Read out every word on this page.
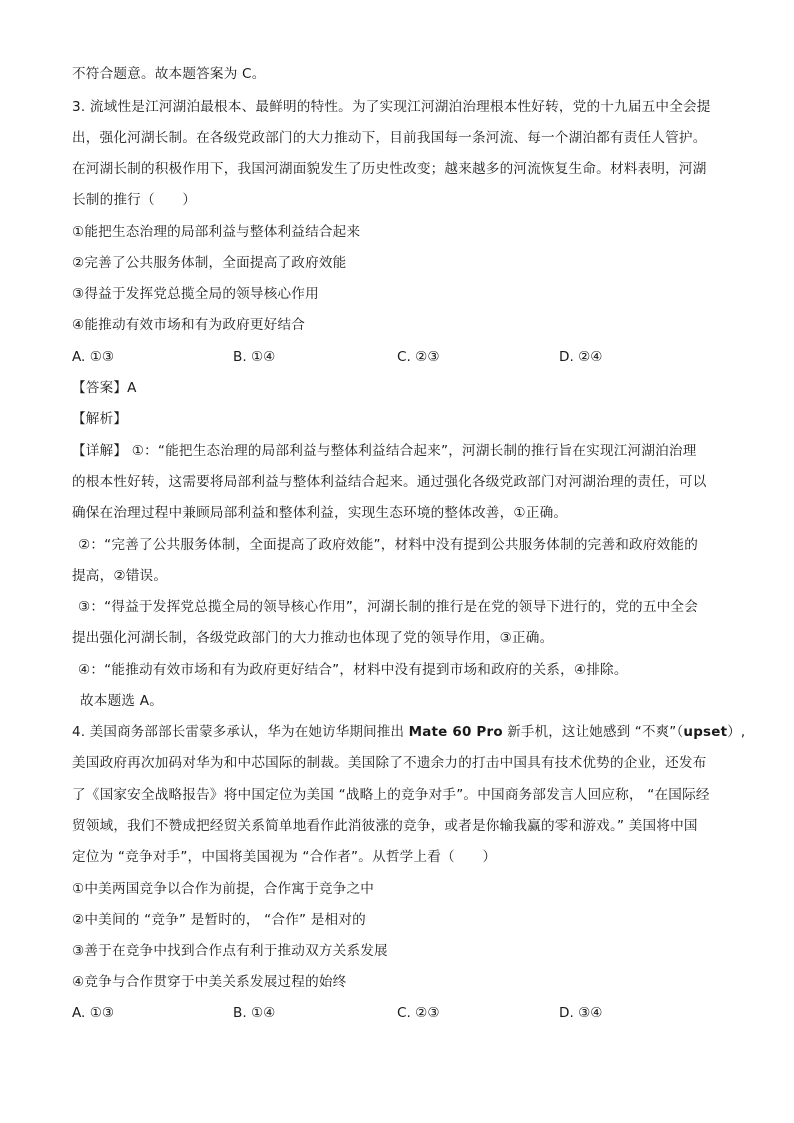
不符合题意。故本题答案为 C。
3. 流域性是江河湖泊最根本、最鲜明的特性。为了实现江河湖泊治理根本性好转，党的十九届五中全会提
出，强化河湖长制。在各级党政部门的大力推动下，目前我国每一条河流、每一个湖泊都有责任人管护。
在河湖长制的积极作用下，我国河湖面貌发生了历史性改变；越来越多的河流恢复生命。材料表明，河湖
长制的推行（　　）
①能把生态治理的局部利益与整体利益结合起来
②完善了公共服务体制，全面提高了政府效能
③得益于发挥党总揽全局的领导核心作用
④能推动有效市场和有为政府更好结合
A. ①③	B. ①④	C. ②③	D. ②④
【答案】A
【解析】
【详解】 ①：“能把生态治理的局部利益与整体利益结合起来”，河湖长制的推行旨在实现江河湖泊治理
的根本性好转，这需要将局部利益与整体利益结合起来。通过强化各级党政部门对河湖治理的责任，可以
确保在治理过程中兼顾局部利益和整体利益，实现生态环境的整体改善，①正确。
②：“完善了公共服务体制，全面提高了政府效能”，材料中没有提到公共服务体制的完善和政府效能的
提高，②错误。
③：“得益于发挥党总揽全局的领导核心作用”，河湖长制的推行是在党的领导下进行的，党的五中全会
提出强化河湖长制，各级党政部门的大力推动也体现了党的领导作用，③正确。
④：“能推动有效市场和有为政府更好结合”，材料中没有提到市场和政府的关系，④排除。
故本题选 A。
4. 美国商务部部长雷蒙多承认，华为在她访华期间推出 Mate 60 Pro 新手机，这让她感到 “不爽”（upset）,
美国政府再次加码对华为和中芯国际的制裁。美国除了不遗余力的打击中国具有技术优势的企业，还发布
了《国家安全战略报告》将中国定位为美国 “战略上的竞争对手”。中国商务部发言人回应称， “在国际经
贸领域，我们不赞成把经贸关系简单地看作此消彼涨的竞争，或者是你输我赢的零和游戏。” 美国将中国
定位为 “竞争对手”，中国将美国视为 “合作者”。从哲学上看（　　）
①中美两国竞争以合作为前提，合作寓于竞争之中
②中美间的 “竞争” 是暂时的， “合作” 是相对的
③善于在竞争中找到合作点有利于推动双方关系发展
④竞争与合作贯穿于中美关系发展过程的始终
A. ①③	B. ①④	C. ②③	D. ③④
